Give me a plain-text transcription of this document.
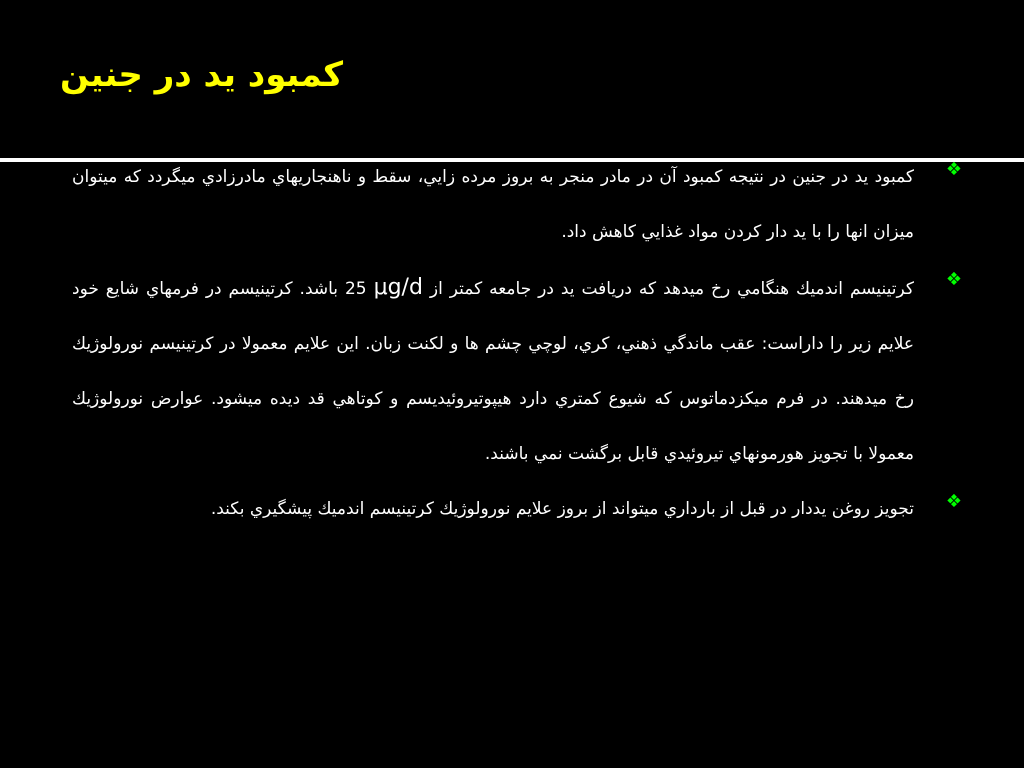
کمبود يد در جنين
❖
کمبود يد در جنين در نتيجه کمبود آن در مادر منجر به بروز مرده زايي، سقط و ناهنجاريهاي مادرزادي ميگردد که ميتوان ميزان انها را با يد دار کردن مواد غذايي کاهش داد.
❖
کرتينيسم اندميك هنگامي رخ ميدهد که دريافت يد در جامعه کمتر از 25 μg/d باشد. کرتينيسم در فرمهاي شايع خود علايم زير را داراست: عقب ماندگي ذهني، کري، لوچي چشم ها و لکنت زبان. اين علايم معمولا در کرتينيسم نورولوژيك رخ ميدهند. در فرم ميکزدماتوس که شيوع کمتري دارد هيپوتيروئيديسم و کوتاهي قد ديده ميشود. عوارض نورولوژيك معمولا با تجويز هورمونهاي تيروئيدي قابل برگشت نمي باشند.
❖
تجويز روغن يددار در قبل از بارداري ميتواند از بروز علايم نورولوژيك کرتينيسم اندميك پيشگيري بکند.
